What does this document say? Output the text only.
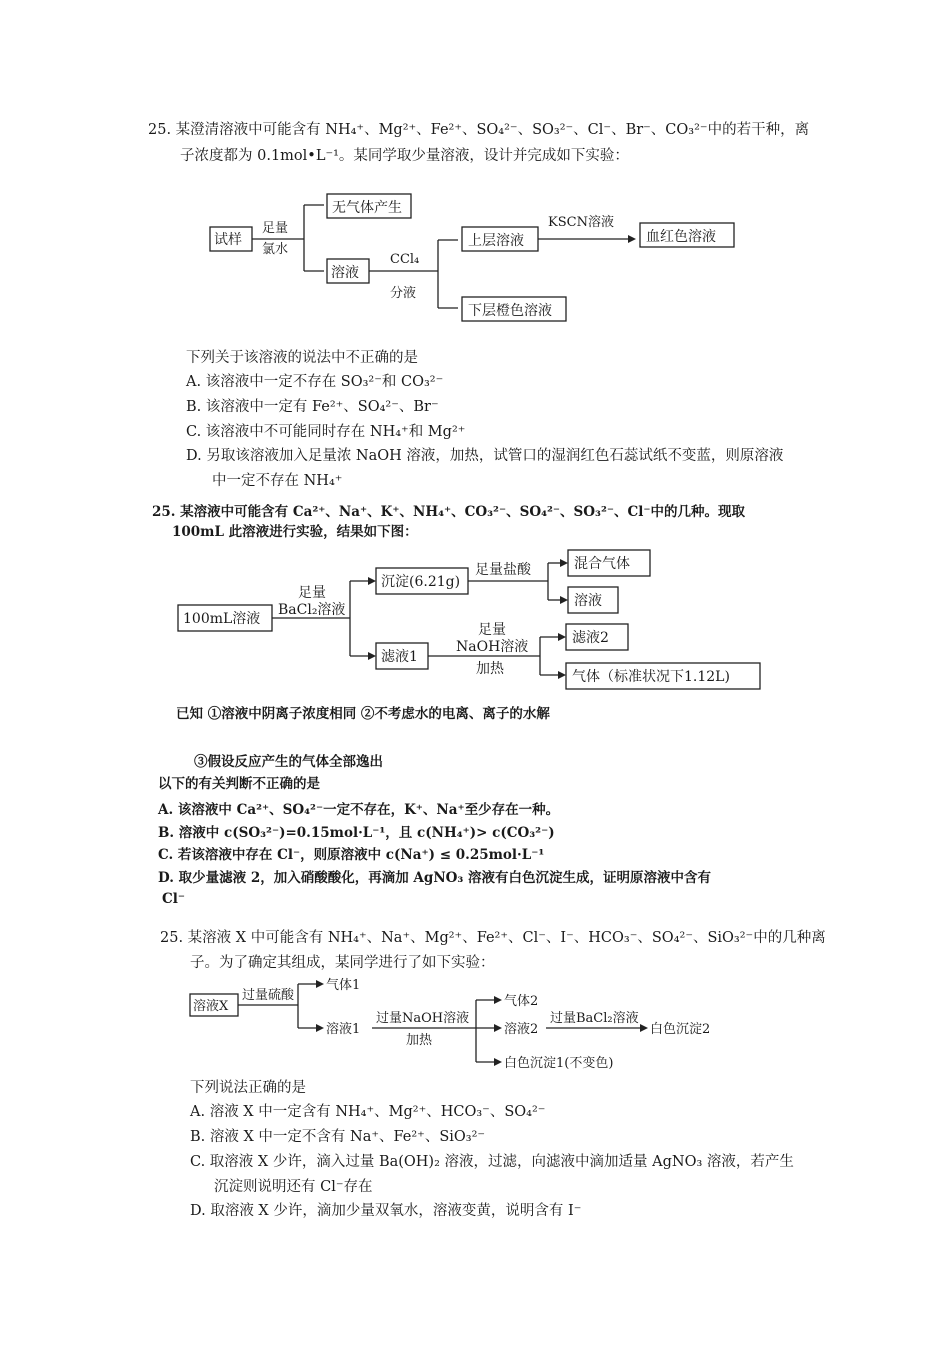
25. 某澄清溶液中可能含有 NH₄⁺、Mg²⁺、Fe²⁺、SO₄²⁻、SO₃²⁻、Cl⁻、Br⁻、CO₃²⁻中的若干种，离
子浓度都为 0.1mol•L⁻¹。某同学取少量溶液，设计并完成如下实验：
试样
足量
氯水
无气体产生
溶液
CCl₄
分液
上层溶液
KSCN溶液
血红色溶液
下层橙色溶液
下列关于该溶液的说法中不正确的是
A. 该溶液中一定不存在 SO₃²⁻和 CO₃²⁻
B. 该溶液中一定有 Fe²⁺、SO₄²⁻、Br⁻
C. 该溶液中不可能同时存在 NH₄⁺和 Mg²⁺
D. 另取该溶液加入足量浓 NaOH 溶液，加热，试管口的湿润红色石蕊试纸不变蓝，则原溶液
中一定不存在 NH₄⁺
25. 某溶液中可能含有 Ca²⁺、Na⁺、K⁺、NH₄⁺、CO₃²⁻、SO₄²⁻、SO₃²⁻、Cl⁻中的几种。现取
100mL 此溶液进行实验，结果如下图：
100mL溶液
足量
BaCl₂溶液
沉淀(6.21g)
足量盐酸	混合气体
溶液
滤液1
足量
NaOH溶液
加热
滤液2
气体（标准状况下1.12L)
已知 ①溶液中阴离子浓度相同 ②不考虑水的电离、离子的水解
③假设反应产生的气体全部逸出
以下的有关判断不正确的是
A. 该溶液中 Ca²⁺、SO₄²⁻一定不存在，K⁺、Na⁺至少存在一种。
B. 溶液中 c(SO₃²⁻)=0.15mol·L⁻¹，且 c(NH₄⁺)> c(CO₃²⁻)
C. 若该溶液中存在 Cl⁻，则原溶液中 c(Na⁺) ≤ 0.25mol·L⁻¹
D. 取少量滤液 2，加入硝酸酸化，再滴加 AgNO₃ 溶液有白色沉淀生成，证明原溶液中含有
Cl⁻
25. 某溶液 X 中可能含有 NH₄⁺、Na⁺、Mg²⁺、Fe²⁺、Cl⁻、I⁻、HCO₃⁻、SO₄²⁻、SiO₃²⁻中的几种离
子。为了确定其组成，某同学进行了如下实验：
溶液X
过量硫酸
气体1
溶液1
过量NaOH溶液
加热
气体2
溶液2
过量BaCl₂溶液
白色沉淀2
白色沉淀1(不变色)
下列说法正确的是
A. 溶液 X 中一定含有 NH₄⁺、Mg²⁺、HCO₃⁻、SO₄²⁻
B. 溶液 X 中一定不含有 Na⁺、Fe²⁺、SiO₃²⁻
C. 取溶液 X 少许，滴入过量 Ba(OH)₂ 溶液，过滤，向滤液中滴加适量 AgNO₃ 溶液，若产生
沉淀则说明还有 Cl⁻存在
D. 取溶液 X 少许，滴加少量双氧水，溶液变黄，说明含有 I⁻
